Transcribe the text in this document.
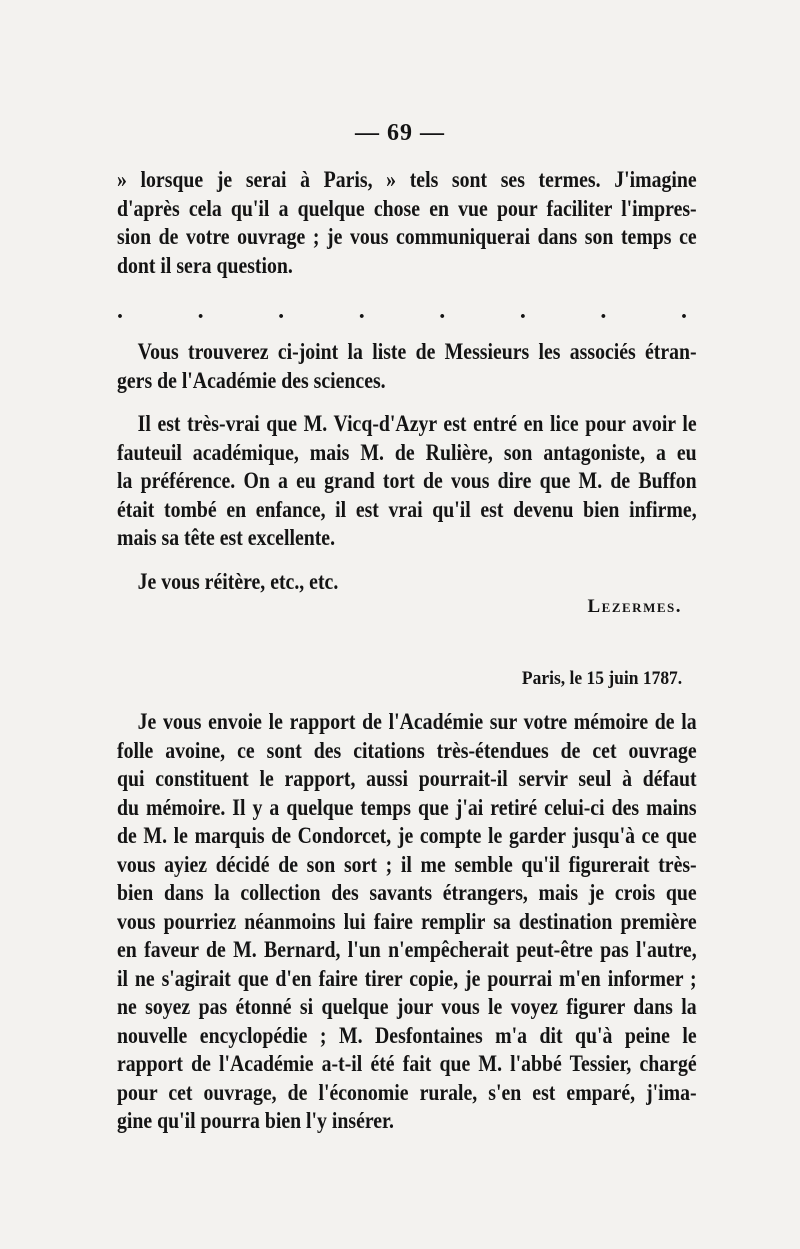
— 69 —
» lorsque je serai à Paris, » tels sont ses termes. J'imagine
d'après cela qu'il a quelque chose en vue pour faciliter l'impres-
sion de votre ouvrage ; je vous communiquerai dans son temps ce
dont il sera question.
.	.	.	.	.	.	.	.
Vous trouverez ci-joint la liste de Messieurs les associés étran-
gers de l'Académie des sciences.
Il est très-vrai que M. Vicq-d'Azyr est entré en lice pour avoir le
fauteuil académique, mais M. de Rulière, son antagoniste, a eu
la préférence. On a eu grand tort de vous dire que M. de Buffon
était tombé en enfance, il est vrai qu'il est devenu bien infirme,
mais sa tête est excellente.
Je vous réitère, etc., etc.
Lezermes.
Paris, le 15 juin 1787.
Je vous envoie le rapport de l'Académie sur votre mémoire de la
folle avoine, ce sont des citations très-étendues de cet ouvrage
qui constituent le rapport, aussi pourrait-il servir seul à défaut
du mémoire. Il y a quelque temps que j'ai retiré celui-ci des mains
de M. le marquis de Condorcet, je compte le garder jusqu'à ce que
vous ayiez décidé de son sort ; il me semble qu'il figurerait très-
bien dans la collection des savants étrangers, mais je crois que
vous pourriez néanmoins lui faire remplir sa destination première
en faveur de M. Bernard, l'un n'empêcherait peut-être pas l'autre,
il ne s'agirait que d'en faire tirer copie, je pourrai m'en informer ;
ne soyez pas étonné si quelque jour vous le voyez figurer dans la
nouvelle encyclopédie ; M. Desfontaines m'a dit qu'à peine le
rapport de l'Académie a-t-il été fait que M. l'abbé Tessier, chargé
pour cet ouvrage, de l'économie rurale, s'en est emparé, j'ima-
gine qu'il pourra bien l'y insérer.
